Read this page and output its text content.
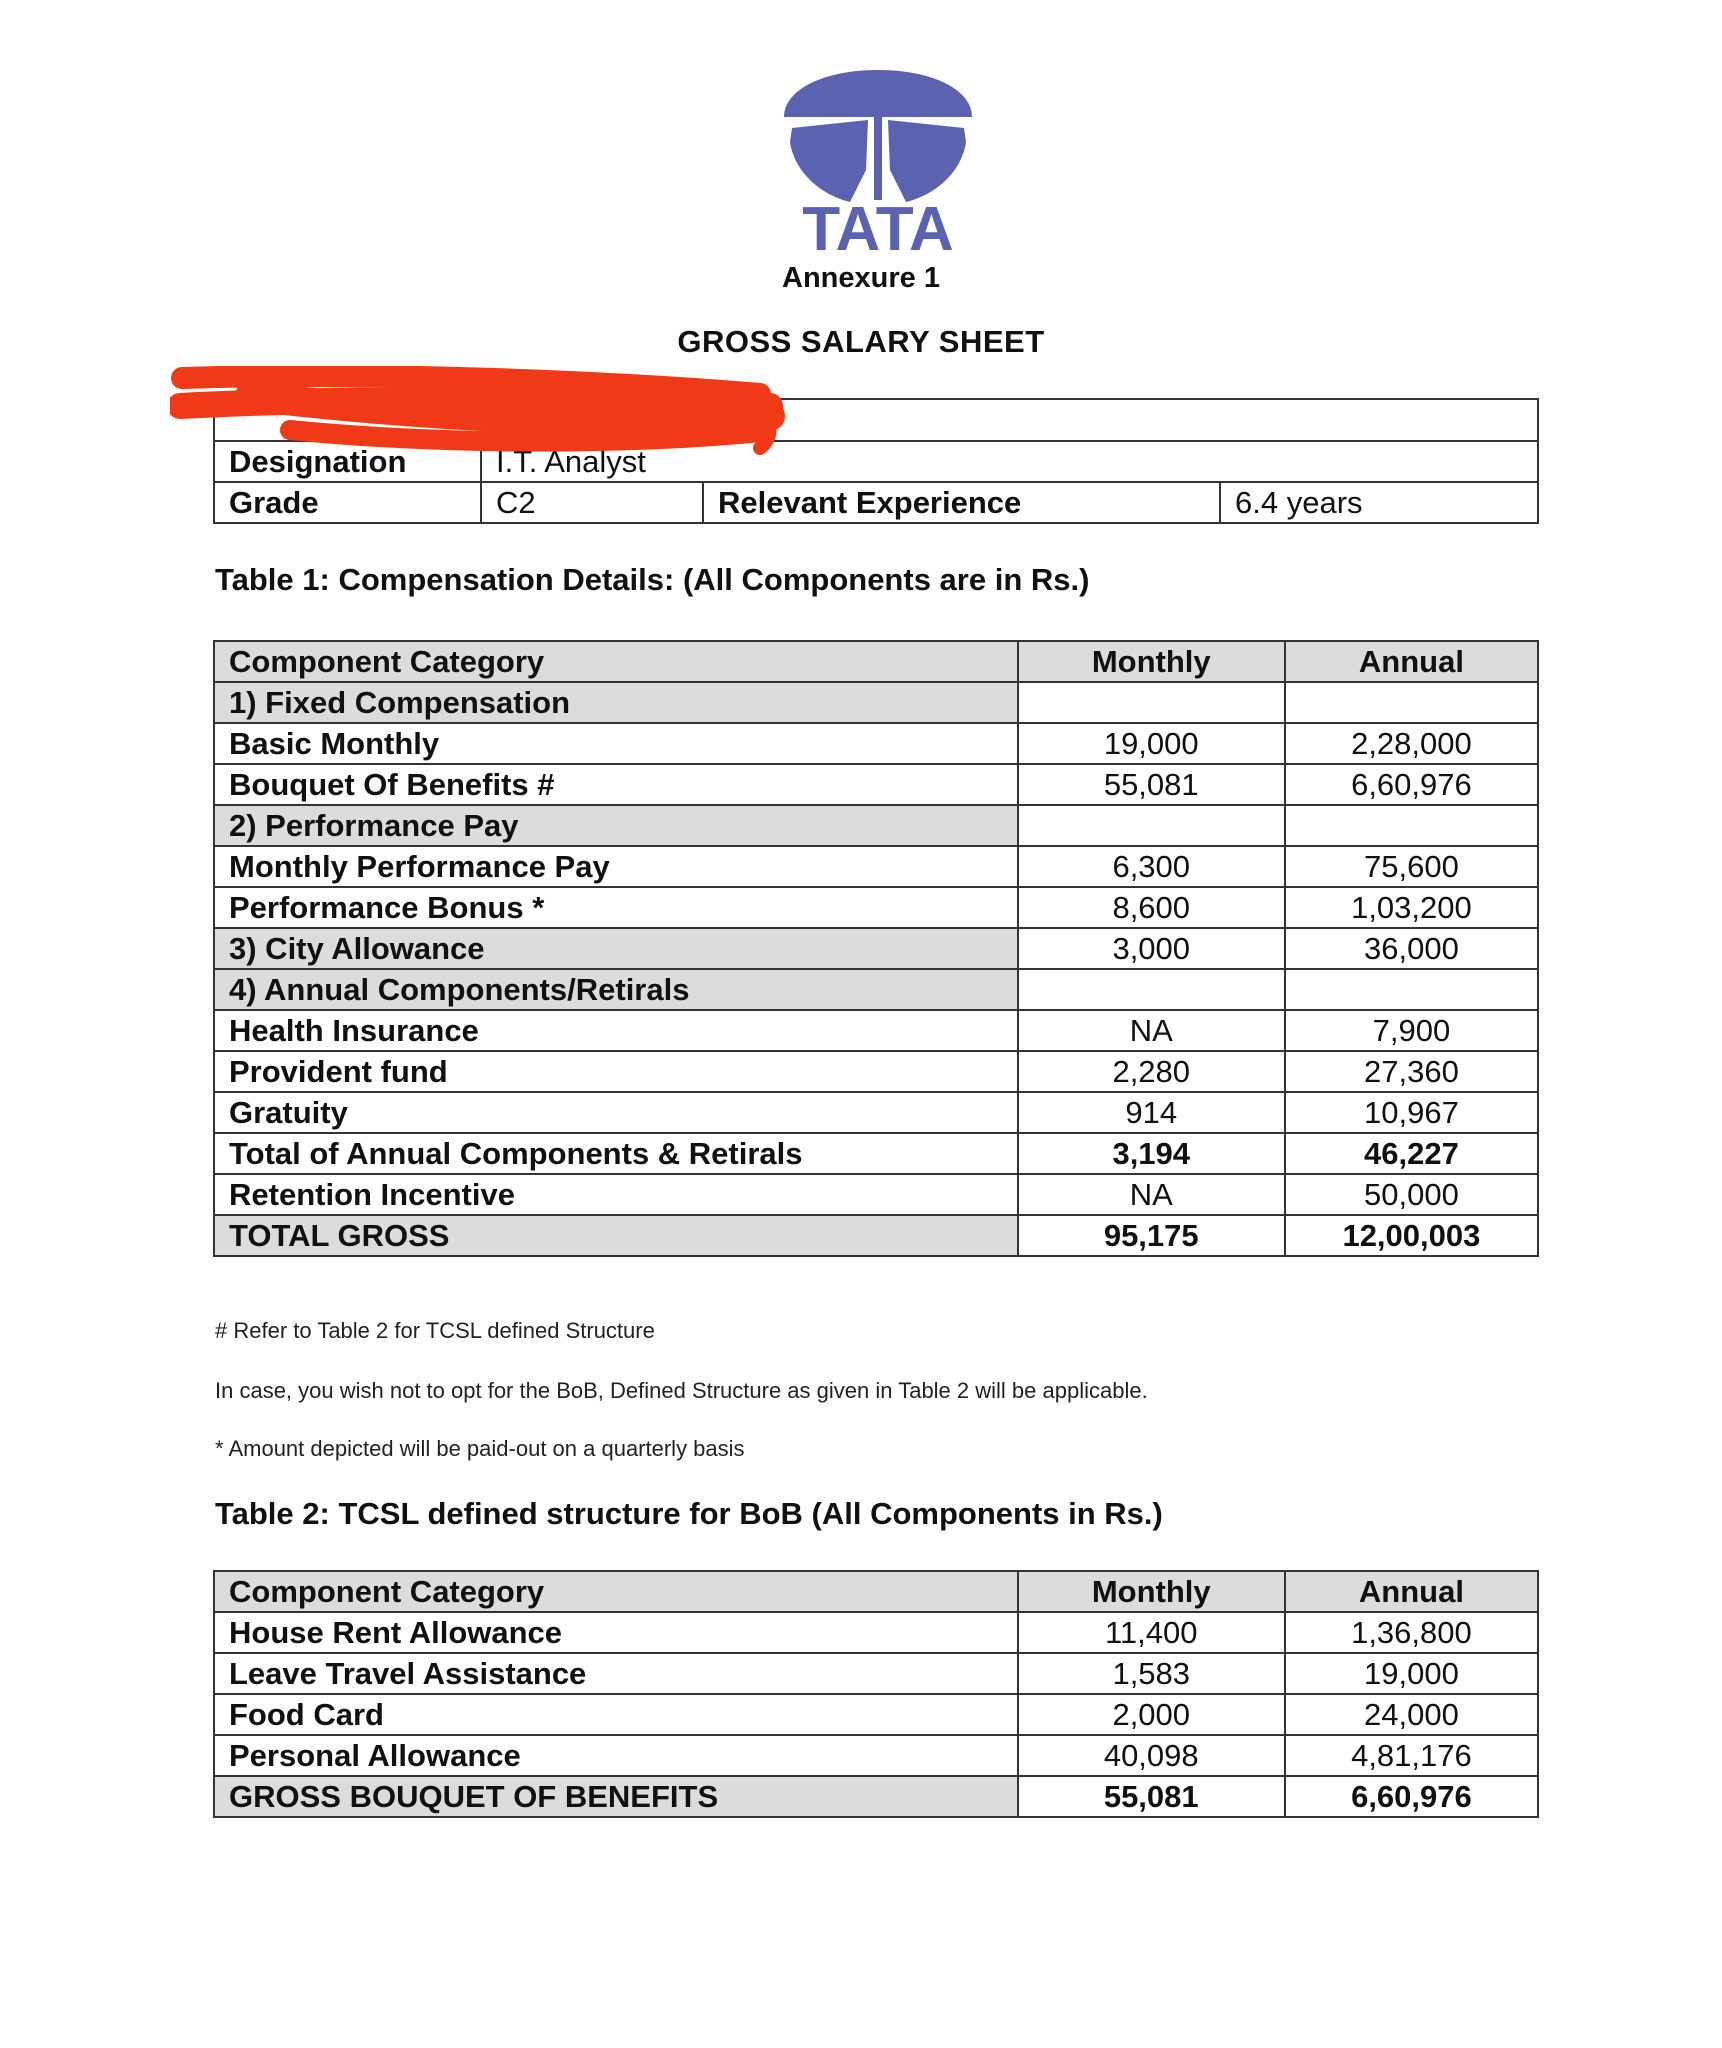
TATA
Annexure 1
GROSS SALARY SHEET

Designation	I.T. Analyst		
Grade	C2	Relevant Experience	6.4 years
Table 1: Compensation Details: (All Components are in Rs.)
Component Category	Monthly	Annual
1) Fixed Compensation		
Basic Monthly	19,000	2,28,000
Bouquet Of Benefits #	55,081	6,60,976
2) Performance Pay		
Monthly Performance Pay	6,300	75,600
Performance Bonus *	8,600	1,03,200
3) City Allowance	3,000	36,000
4) Annual Components/Retirals		
Health Insurance	NA	7,900
Provident fund	2,280	27,360
Gratuity	914	10,967
Total of Annual Components & Retirals	3,194	46,227
Retention Incentive	NA	50,000
TOTAL GROSS	95,175	12,00,003
# Refer to Table 2 for TCSL defined Structure
In case, you wish not to opt for the BoB, Defined Structure as given in Table 2 will be applicable.
* Amount depicted will be paid-out on a quarterly basis
Table 2: TCSL defined structure for BoB (All Components in Rs.)
Component Category	Monthly	Annual
House Rent Allowance	11,400	1,36,800
Leave Travel Assistance	1,583	19,000
Food Card	2,000	24,000
Personal Allowance	40,098	4,81,176
GROSS BOUQUET OF BENEFITS	55,081	6,60,976
